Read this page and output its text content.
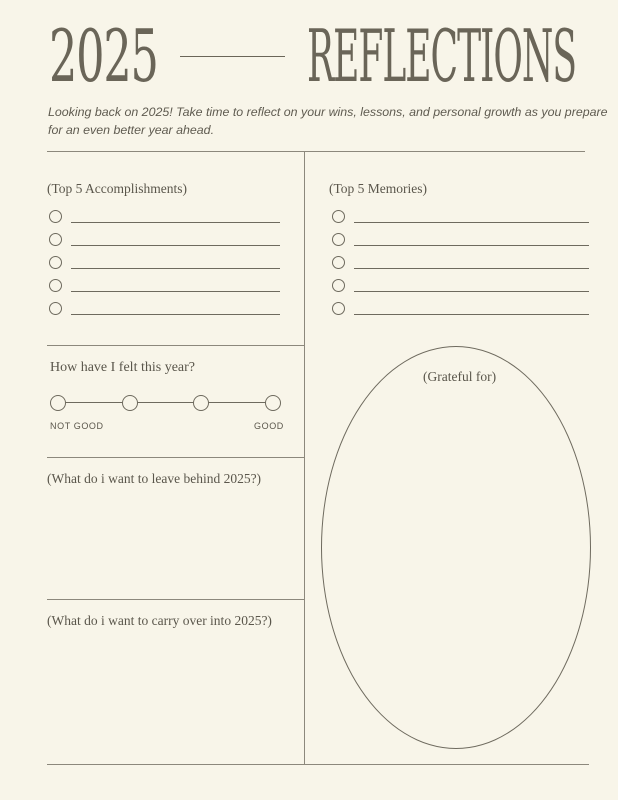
2025 REFLECTIONS
Looking back on 2025! Take time to reflect on your wins, lessons, and personal growth as you prepare for an even better year ahead.
(Top 5 Accomplishments)	(Top 5 Memories)
How have I felt this year?
NOT GOOD	GOOD
(What do i want to leave behind 2025?)
(What do i want to carry over into 2025?)
(Grateful for)
